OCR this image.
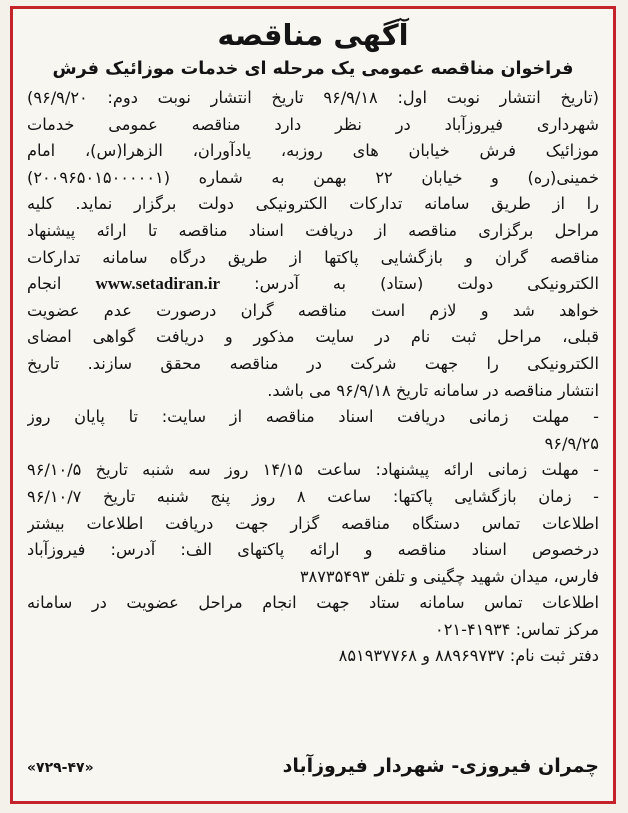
آگهی مناقصه
فراخوان مناقصه عمومی یک مرحله ای خدمات موزائیک فرش
(تاریخ انتشار نوبت اول: ۹۶/۹/۱۸ تاریخ انتشار نوبت دوم: ۹۶/۹/۲۰)
شهرداری فیروزآباد در نظر دارد مناقصه عمومی خدمات
موزائیک فرش خیابان های روزبه، یادآوران، الزهرا(س)، امام
خمینی(ره) و خیابان ۲۲ بهمن به شماره (۲۰۰۹۶۵۰۱۵۰۰۰۰۰۱)
را از طریق سامانه تدارکات الکترونیکی دولت برگزار نماید. کلیه
مراحل برگزاری مناقصه از دریافت اسناد مناقصه تا ارائه پیشنهاد
مناقصه گران و بازگشایی پاکتها از طریق درگاه سامانه تدارکات
الکترونیکی دولت (ستاد) به آدرس: www.setadiran.ir انجام
خواهد شد و لازم است مناقصه گران درصورت عدم عضویت
قبلی، مراحل ثبت نام در سایت مذکور و دریافت گواهی امضای
الکترونیکی را جهت شرکت در مناقصه محقق سازند. تاریخ
انتشار مناقصه در سامانه تاریخ ۹۶/۹/۱۸ می باشد.
- مهلت زمانی دریافت اسناد مناقصه از سایت: تا پایان روز
۹۶/۹/۲۵
- مهلت زمانی ارائه پیشنهاد: ساعت ۱۴/۱۵ روز سه شنبه تاریخ ۹۶/۱۰/۵
- زمان بازگشایی پاکتها: ساعت ۸ روز پنج شنبه تاریخ ۹۶/۱۰/۷
اطلاعات تماس دستگاه مناقصه گزار جهت دریافت اطلاعات بیشتر
درخصوص اسناد مناقصه و ارائه پاکتهای الف: آدرس: فیروزآباد
فارس، میدان شهید چگینی و تلفن ۳۸۷۳۵۴۹۳
اطلاعات تماس سامانه ستاد جهت انجام مراحل عضویت در سامانه
مرکز تماس: ۴۱۹۳۴-۰۲۱
دفتر ثبت نام: ۸۸۹۶۹۷۳۷ و ۸۵۱۹۳۷۷۶۸
چمران فیروزی- شهردار فیروزآباد
«۷۲۹-۴۷»
